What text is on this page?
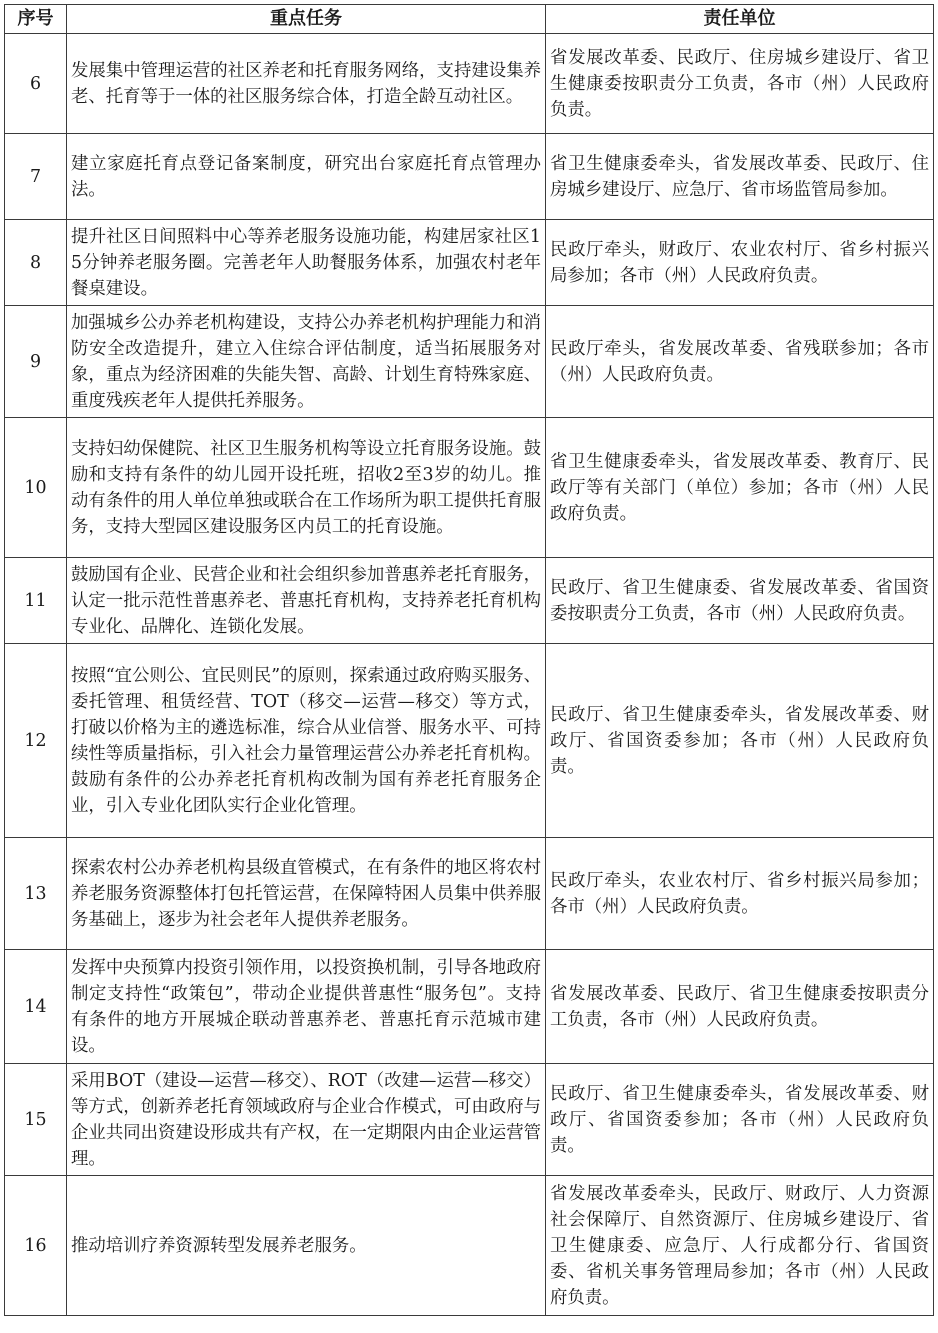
序号	重点任务	责任单位
6	发展集中管理运营的社区养老和托育服务网络，支持建设集养老、托育等于一体的社区服务综合体，打造全龄互动社区。	省发展改革委、民政厅、住房城乡建设厅、省卫生健康委按职责分工负责，各市（州）人民政府负责。
7	建立家庭托育点登记备案制度，研究出台家庭托育点管理办法。	省卫生健康委牵头，省发展改革委、民政厅、住房城乡建设厅、应急厅、省市场监管局参加。
8	提升社区日间照料中心等养老服务设施功能，构建居家社区15分钟养老服务圈。完善老年人助餐服务体系，加强农村老年餐桌建设。	民政厅牵头，财政厅、农业农村厅、省乡村振兴局参加；各市（州）人民政府负责。
9	加强城乡公办养老机构建设，支持公办养老机构护理能力和消防安全改造提升，建立入住综合评估制度，适当拓展服务对象，重点为经济困难的失能失智、高龄、计划生育特殊家庭、重度残疾老年人提供托养服务。	民政厅牵头，省发展改革委、省残联参加；各市（州）人民政府负责。
10	支持妇幼保健院、社区卫生服务机构等设立托育服务设施。鼓励和支持有条件的幼儿园开设托班，招收2至3岁的幼儿。推动有条件的用人单位单独或联合在工作场所为职工提供托育服务，支持大型园区建设服务区内员工的托育设施。	省卫生健康委牵头，省发展改革委、教育厅、民政厅等有关部门（单位）参加；各市（州）人民政府负责。
11	鼓励国有企业、民营企业和社会组织参加普惠养老托育服务，认定一批示范性普惠养老、普惠托育机构，支持养老托育机构专业化、品牌化、连锁化发展。	民政厅、省卫生健康委、省发展改革委、省国资委按职责分工负责，各市（州）人民政府负责。
12	按照“宜公则公、宜民则民”的原则，探索通过政府购买服务、委托管理、租赁经营、TOT（移交—运营—移交）等方式，打破以价格为主的遴选标准，综合从业信誉、服务水平、可持续性等质量指标，引入社会力量管理运营公办养老托育机构。鼓励有条件的公办养老托育机构改制为国有养老托育服务企业，引入专业化团队实行企业化管理。	民政厅、省卫生健康委牵头，省发展改革委、财政厅、省国资委参加；各市（州）人民政府负责。
13	探索农村公办养老机构县级直管模式，在有条件的地区将农村养老服务资源整体打包托管运营，在保障特困人员集中供养服务基础上，逐步为社会老年人提供养老服务。	民政厅牵头，农业农村厅、省乡村振兴局参加；各市（州）人民政府负责。
14	发挥中央预算内投资引领作用，以投资换机制，引导各地政府制定支持性“政策包”，带动企业提供普惠性“服务包”。支持有条件的地方开展城企联动普惠养老、普惠托育示范城市建设。	省发展改革委、民政厅、省卫生健康委按职责分工负责，各市（州）人民政府负责。
15	采用BOT（建设—运营—移交）、ROT（改建—运营—移交）等方式，创新养老托育领域政府与企业合作模式，可由政府与企业共同出资建设形成共有产权，在一定期限内由企业运营管理。	民政厅、省卫生健康委牵头，省发展改革委、财政厅、省国资委参加；各市（州）人民政府负责。
16	推动培训疗养资源转型发展养老服务。	省发展改革委牵头，民政厅、财政厅、人力资源社会保障厅、自然资源厅、住房城乡建设厅、省卫生健康委、应急厅、人行成都分行、省国资委、省机关事务管理局参加；各市（州）人民政府负责。
